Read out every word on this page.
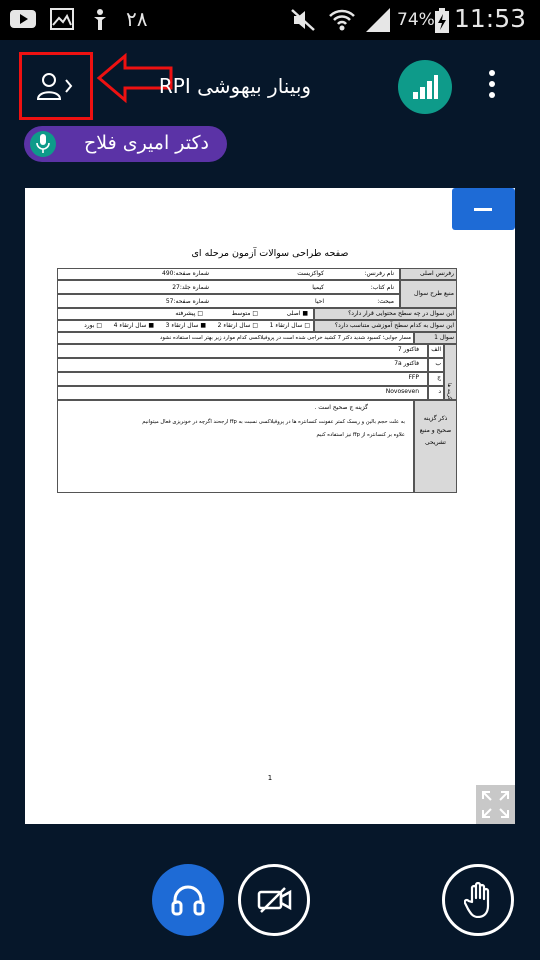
۲۸	74% 11:53
وبینار بیهوشی RPI
دکتر امیری فلاح
صفحه طراحی سوالات آزمون مرحله ای
رفرنس اصلی
نام رفرنس:
کواکزیست
شماره صفحه:490
منبع طرح سوال
نام کتاب:
کیمیا
شماره جلد:27
مبحث:
احیا
شماره صفحه:57
این سوال در چه سطح محتوایی قرار دارد؟
■ اصلی
□ متوسط
□ پیشرفته
این سوال به کدام سطح آموزشی متناسب دارد؟
□ سال ارتقاء 1
□ سال ارتقاء 2
■ سال ارتقاء 3
■ سال ارتقاء 4
□ بورد
سوال 1
مسار جوابی؛ کسبود شدید دکتر 7 کشید خراجی شده است در پروفیلاکسی کدام موارد زیر بهتر است استفاده نشود
گزینه ها
الف
فاکتور 7
ب
فاکتور 7a
ج
FFP
د
Novoseven
ذکر گزینه صحیح و منبع تشریحی
گزینه ج صحیح است .
به علت حجم بالین و ریسک کمتر عفونت کنسانتره ها در پروفیلاکسی نسبت به ffp ارجحند اگرچه در خونریزی فعال میتوانیم
علاوه بر کنسانتره از ffp نیز استفاده کنیم
1
